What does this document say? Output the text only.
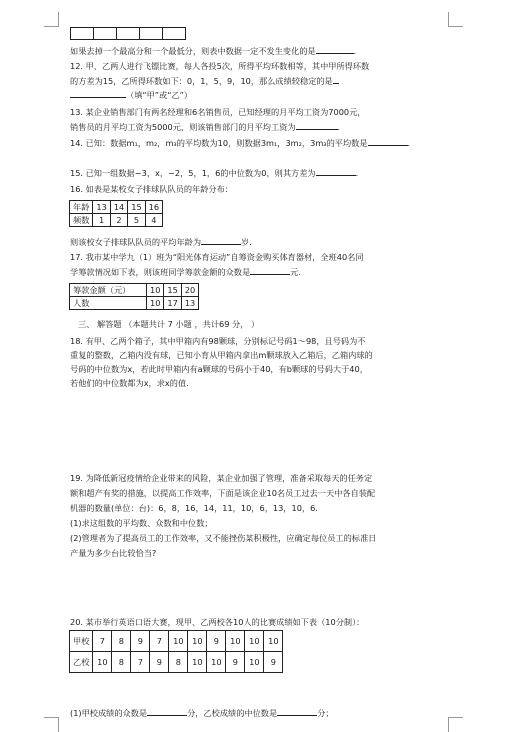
如果去掉一个最高分和一个最低分，则表中数据一定不发生变化的是	.
12. 甲、乙两人进行飞镖比赛，每人各投5次，所得平均环数相等，其中甲所得环数
的方差为15，乙所得环数如下：0，1，5，9，10，那么成绩较稳定的是
（填“甲”或“乙”）
13. 某企业销售部门有两名经理和6名销售员，已知经理的月平均工资为7000元，
销售员的月平均工资为5000元，则该销售部门的月平均工资为	.
14. 已知：数据m₁，m₂，m₃的平均数为10，则数据3m₁，3m₂，3m₃的平均数是	.
15. 已知一组数据−3，x，−2，5，1，6的中位数为0，则其方差为	.
16. 如表是某校女子排球队队员的年龄分布：
年龄	13	14	15	16
频数	1	2	5	4
则该校女子排球队队员的平均年龄为	岁.
17. 我市某中学九（1）班为“阳光体育运动”自筹资金购买体育器材，全班40名同
学筹款情况如下表，则该班同学筹款金额的众数是	元.
筹款金额（元）	10	15	20
人数	10	17	13
三、 解答题 （本题共计 7 小题 ，共计69 分， ）
18. 有甲、乙两个箱子，其中甲箱内有98颗球，分别标记号码1～98，且号码为不
重复的整数，乙箱内没有球，已知小育从甲箱内拿出m颗球放入乙箱后，乙箱内球的
号码的中位数为x，若此时甲箱内有a颗球的号码小于40，有b颗球的号码大于40，
若他们的中位数都为x，求x的值.
19. 为降低新冠疫情给企业带来的风险，某企业加强了管理，准备采取每天的任务定
额和超产有奖的措施，以提高工作效率，下面是该企业10名员工过去一天中各自装配
机器的数量(单位：台)：6，8，16，14，11，10，6，13，10，6.
(1)求这组数的平均数、众数和中位数；
(2)管理者为了提高员工的工作效率，又不能挫伤某积极性，应确定每位员工的标准日
产量为多少台比较恰当?
20. 某市举行英语口语大赛，现甲、乙两校各10人的比赛成绩如下表（10分制）：
甲校	7	8	9	7	10	10	9	10	10	10
乙校	10	8	7	9	8	10	10	9	10	9
(1)甲校成绩的众数是	分，乙校成绩的中位数是	分；
